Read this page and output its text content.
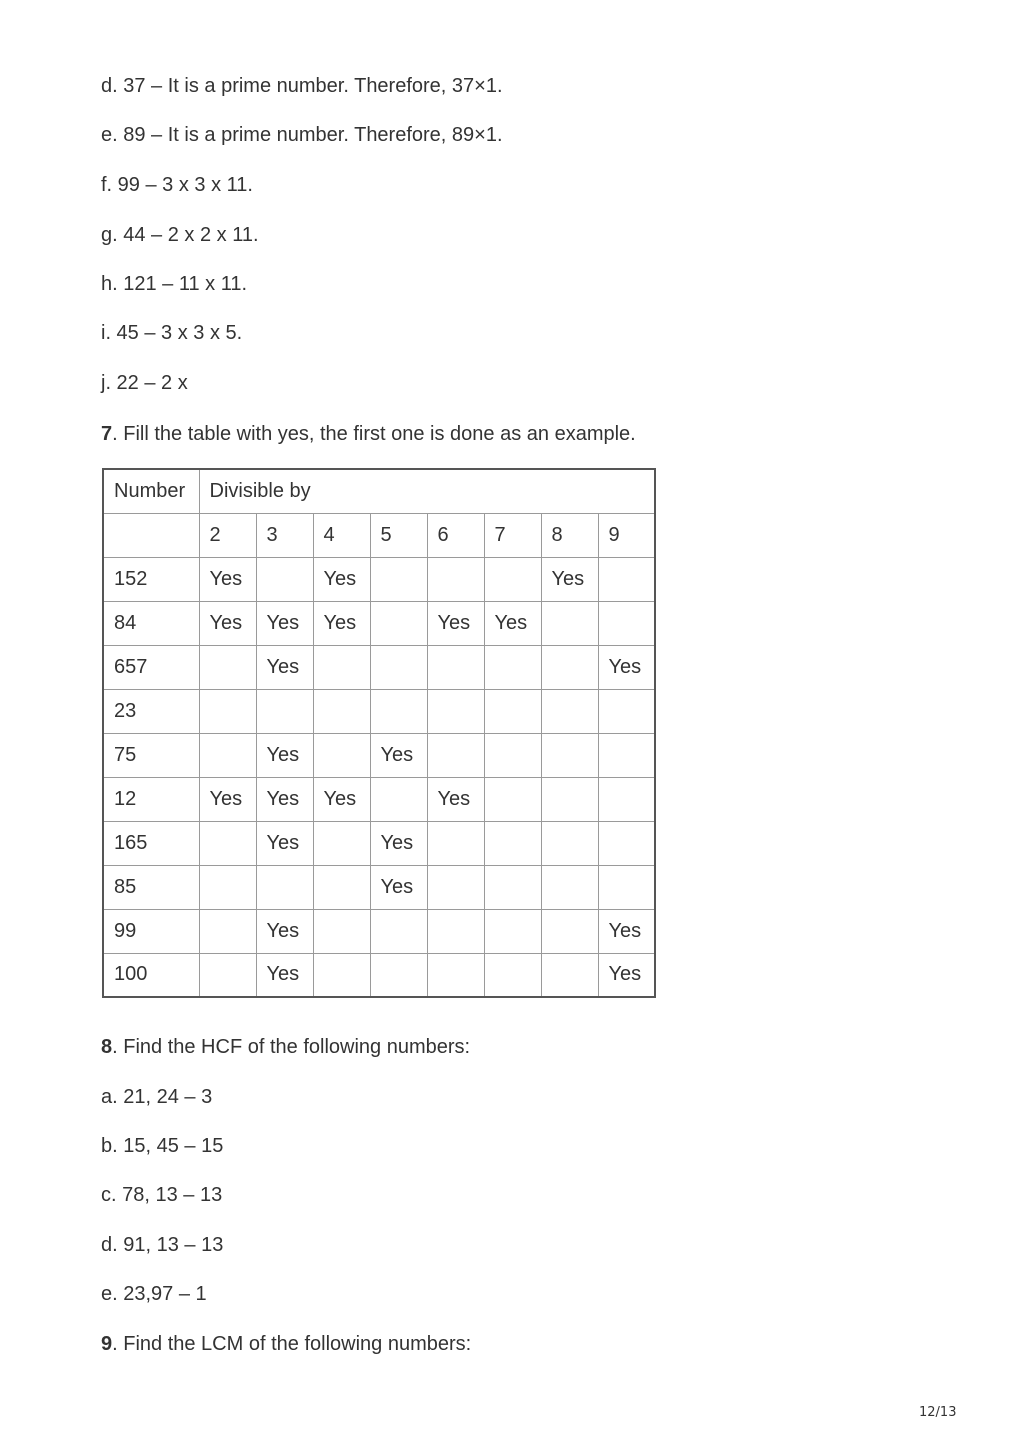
d. 37 – It is a prime number. Therefore, 37×1.
e. 89 – It is a prime number. Therefore, 89×1.
f. 99 – 3 x 3 x 11.
g. 44 – 2 x 2 x 11.
h. 121 – 11 x 11.
i. 45 – 3 x 3 x 5.
j. 22 – 2 x
7. Fill the table with yes, the first one is done as an example.
Number	Divisible by							
	2	3	4	5	6	7	8	9
152	Yes		Yes				Yes	
84	Yes	Yes	Yes		Yes	Yes		
657		Yes						Yes
23								
75		Yes		Yes				
12	Yes	Yes	Yes		Yes			
165		Yes		Yes				
85				Yes				
99		Yes						Yes
100		Yes						Yes
8. Find the HCF of the following numbers:
a. 21, 24 – 3
b. 15, 45 – 15
c. 78, 13 – 13
d. 91, 13 – 13
e. 23,97 – 1
9. Find the LCM of the following numbers:
12/13
